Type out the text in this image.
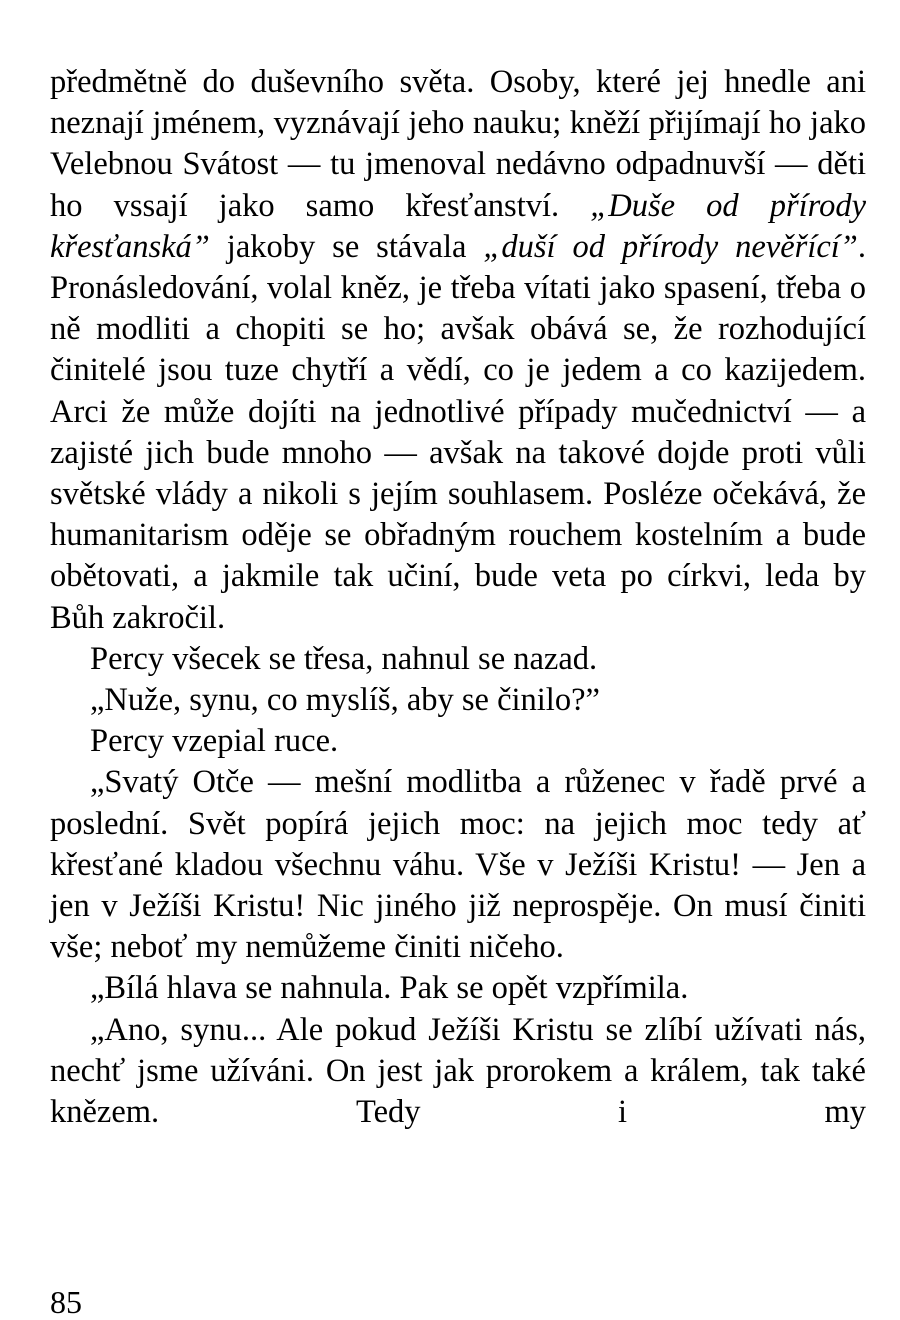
předmětně do duševního světa. Osoby, které jej hnedle ani neznají jménem, vyznávají jeho nauku; kněží přijímají ho jako Velebnou Svátost — tu jmenoval nedávno odpadnuvší — děti ho vssají jako samo křesťanství. „Duše od přírody křesťanská” jakoby se stávala „duší od přírody nevěřící”. Pronásledování, volal kněz, je třeba vítati jako spasení, třeba o ně modliti a chopiti se ho; avšak obává se, že rozhodující činitelé jsou tuze chytří a vědí, co je jedem a co kazijedem. Arci že může dojíti na jednotlivé případy mučednictví — a zajisté jich bude mnoho — avšak na takové dojde proti vůli světské vlády a nikoli s jejím souhlasem. Posléze očekává, že humanitarism oděje se obřadným rouchem kostelním a bude obětovati, a jakmile tak učiní, bude veta po církvi, leda by Bůh zakročil.

Percy všecek se třesa, nahnul se nazad.

„Nuže, synu, co myslíš, aby se činilo?”

Percy vzepial ruce.

„Svatý Otče — mešní modlitba a růženec v řadě prvé a poslední. Svět popírá jejich moc: na jejich moc tedy ať křesťané kladou všechnu váhu. Vše v Ježíši Kristu! — Jen a jen v Ježíši Kristu! Nic jiného již neprospěje. On musí činiti vše; neboť my nemůžeme činiti ničeho.

„Bílá hlava se nahnula. Pak se opět vzpřímila.

„Ano, synu... Ale pokud Ježíši Kristu se zlíbí užívati nás, nechť jsme užíváni. On jest jak prorokem a králem, tak také knězem. Tedy i my

85
